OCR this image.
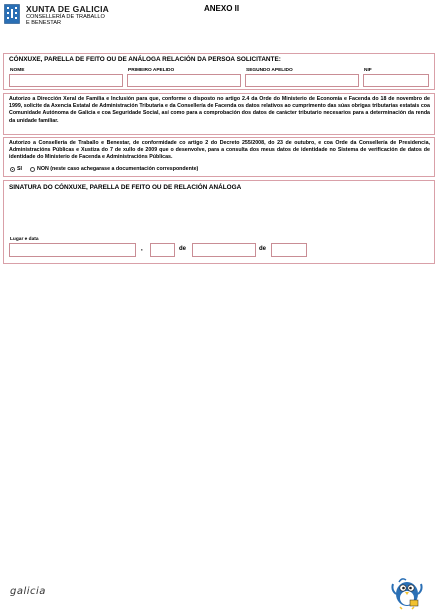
XUNTA DE GALICIA
CONSELLERÍA DE TRABALLO
E BENESTAR
ANEXO II
CÓNXUXE, PARELLA DE FEITO OU DE ANÁLOGA RELACIÓN DA PERSOA SOLICITANTE:
NOME	PRIMEIRO APELIDO	SEGUNDO APELIDO	NIF
Autorizo a Dirección Xeral de Familia e Inclusión para que, conforme o disposto no artigo 2.4 da Orde do Ministerio de Economía e Facenda do 18 de novembro de 1999, solicite da Axencia Estatal de Administración Tributaria e da Consellería de Facenda os datos relativos ao cumprimento das súas obrigas tributarias estatais coa Comunidade Autónoma de Galicia e coa Seguridade Social, así como para a comprobación dos datos de carácter tributario necesarios para a determinación da renda da unidade familiar.
Autorizo a Consellería de Traballo e Benestar, de conformidade co artigo 2 do Decreto 255/2008, do 23 de outubro, e coa Orde da Consellería de Presidencia, Administracións Públicas e Xustiza do 7 de xullo de 2009 que o desenvolve, para a consulta dos meus datos de identidade no Sistema de verificación de datos de identidade do Ministerio de Facenda e Administracións Públicas.
SI	NON (neste caso achegarase a documentación correspondente)
SINATURA DO CÓNXUXE, PARELLA DE FEITO OU DE RELACIÓN ANÁLOGA
Lugar e data
,	de	de
galicia
